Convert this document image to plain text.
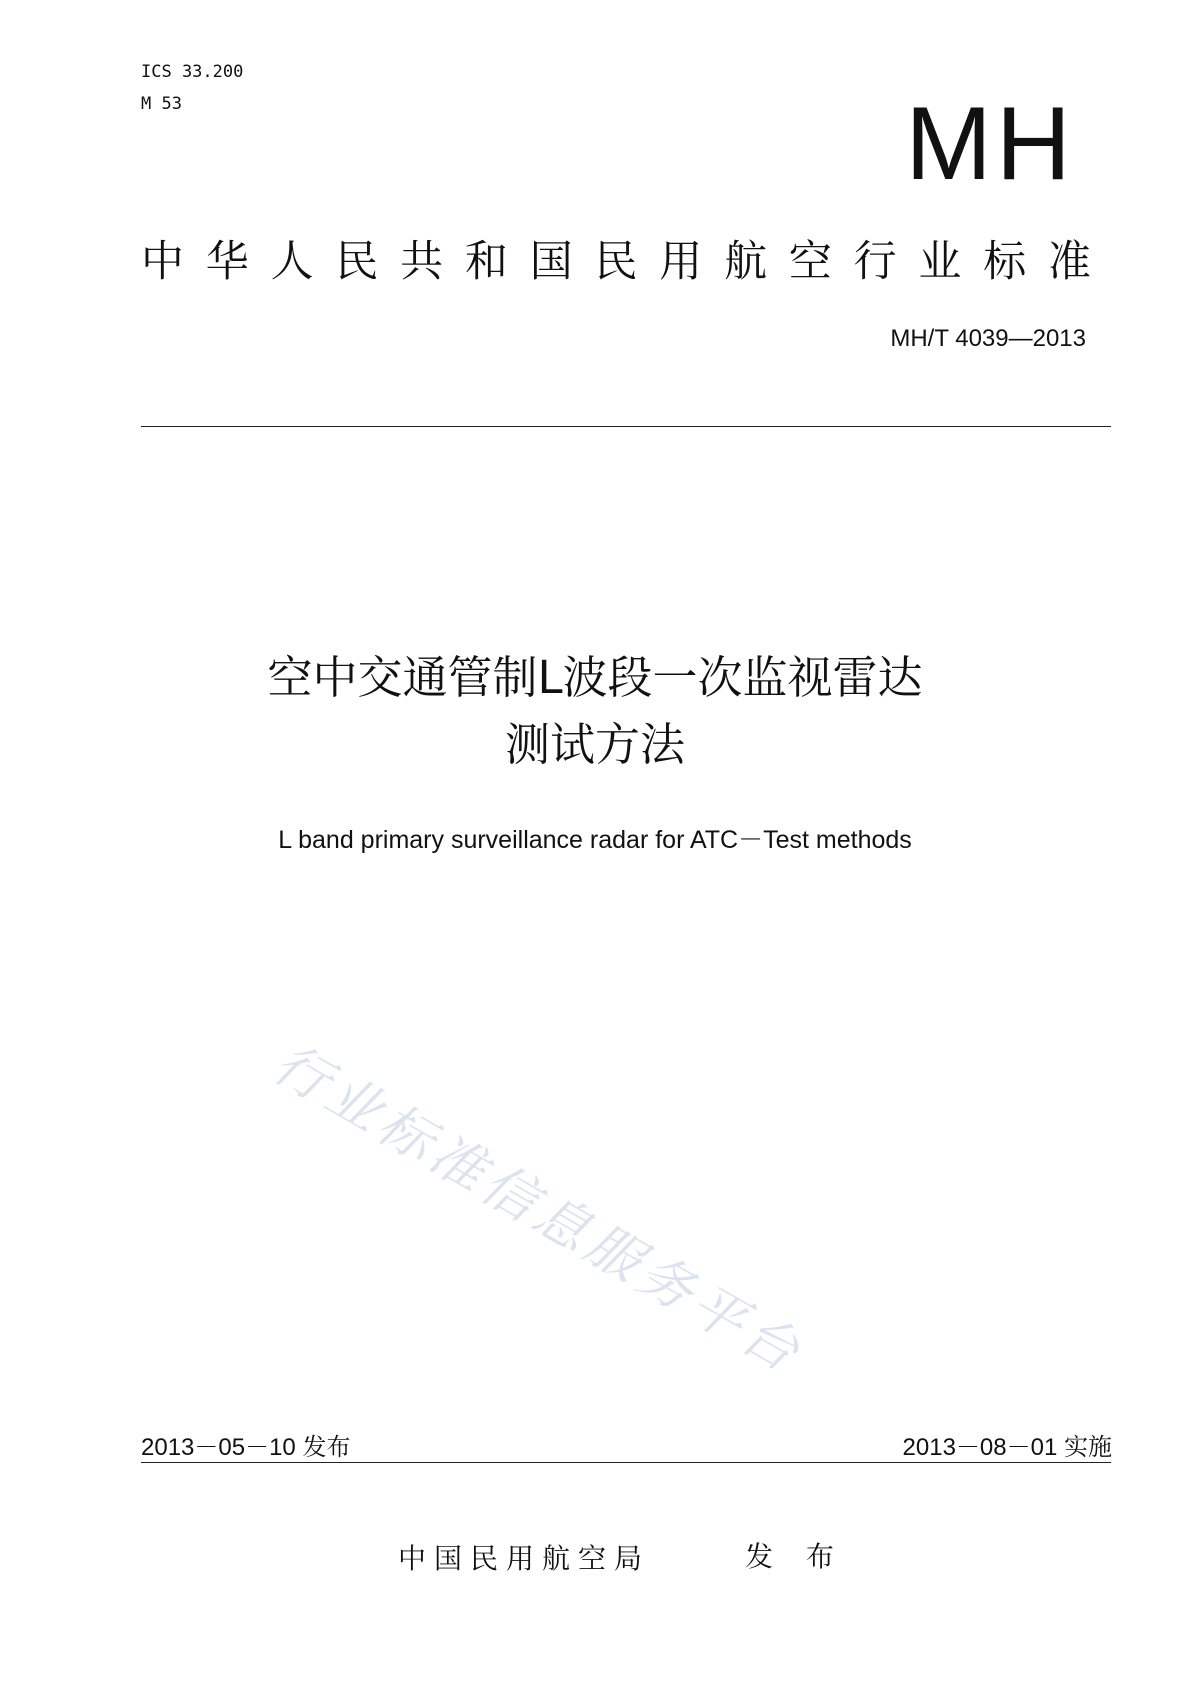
ICS 33.200
M 53	MH
中华人民共和国民用航空行业标准
MH/T 4039—2013
空中交通管制L波段一次监视雷达
测试方法
L band primary surveillance radar for ATC－Test methods
行业标准信息服务平台
2013－05－10 发布	2013－08－01 实施
中国民用航空局	发 布
